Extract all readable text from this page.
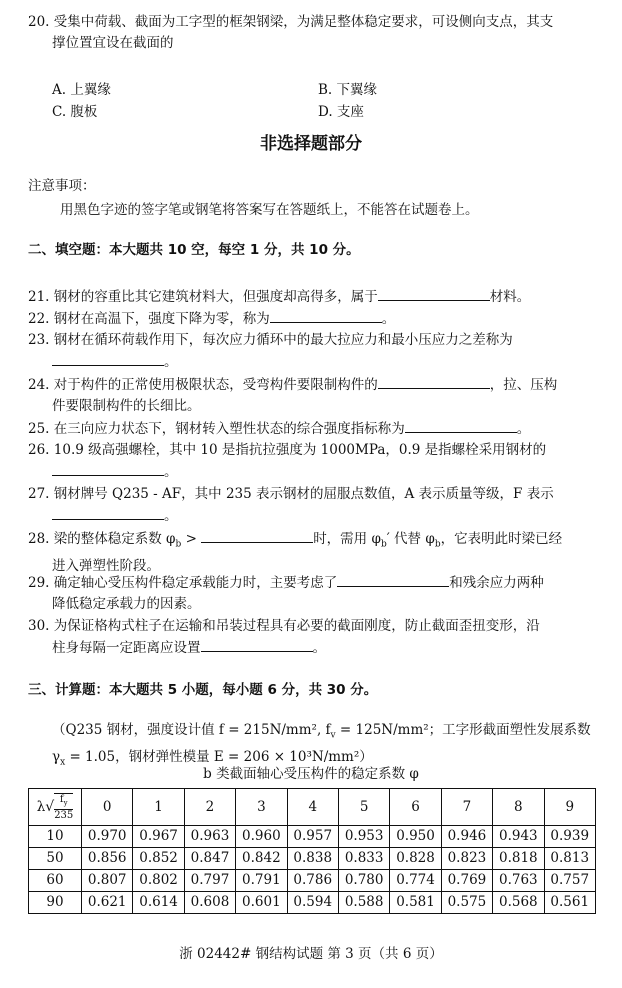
20. 受集中荷载、截面为工字型的框架钢梁，为满足整体稳定要求，可设侧向支点，其支
撑位置宜设在截面的
A. 上翼缘	B. 下翼缘
C. 腹板	D. 支座
非选择题部分
注意事项：
用黑色字迹的签字笔或钢笔将答案写在答题纸上，不能答在试题卷上。
二、填空题：本大题共 10 空，每空 1 分，共 10 分。
21. 钢材的容重比其它建筑材料大，但强度却高得多，属于	材料。
22. 钢材在高温下，强度下降为零，称为	。
23. 钢材在循环荷载作用下，每次应力循环中的最大拉应力和最小压应力之差称为
。
24. 对于构件的正常使用极限状态，受弯构件要限制构件的	，拉、压构
件要限制构件的长细比。
25. 在三向应力状态下，钢材转入塑性状态的综合强度指标称为	。
26. 10.9 级高强螺栓，其中 10 是指抗拉强度为 1000MPa，0.9 是指螺栓采用钢材的
。
27. 钢材牌号 Q235 - AF，其中 235 表示钢材的屈服点数值，A 表示质量等级，F 表示
。
28. 梁的整体稳定系数 $\varphi_b$ >	时，需用 $\varphi_b'$ 代替 $\varphi_b$，它表明此时梁已经
进入弹塑性阶段。
29. 确定轴心受压构件稳定承载能力时，主要考虑了	和残余应力两种
降低稳定承载力的因素。
30. 为保证格构式柱子在运输和吊装过程具有必要的截面刚度，防止截面歪扭变形，沿
柱身每隔一定距离应设置	。
三、计算题：本大题共 5 小题，每小题 6 分，共 30 分。
（Q235 钢材，强度设计值 f = 215N/mm², $f_v = 125N/mm^2$；工字形截面塑性发展系数
$\gamma_x = 1.05$，钢材弹性模量 E = 206 × 10³N/mm²）
b 类截面轴心受压构件的稳定系数 φ
λ √ $f_y$
235	0	1	2	3	4	5	6	7	8	9
10	0.970	0.967	0.963	0.960	0.957	0.953	0.950	0.946	0.943	0.939
50	0.856	0.852	0.847	0.842	0.838	0.833	0.828	0.823	0.818	0.813
60	0.807	0.802	0.797	0.791	0.786	0.780	0.774	0.769	0.763	0.757
90	0.621	0.614	0.608	0.601	0.594	0.588	0.581	0.575	0.568	0.561
浙 02442# 钢结构试题 第 3 页（共 6 页）
